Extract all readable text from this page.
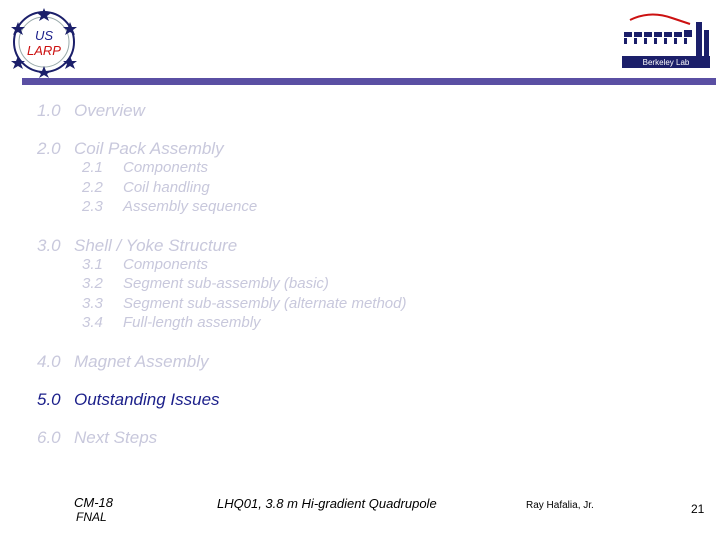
US
LARP
Berkeley Lab
1.0 Overview
2.0 Coil Pack Assembly
2.1 Components
2.2 Coil handling
2.3 Assembly sequence
3.0 Shell / Yoke Structure
3.1 Components
3.2 Segment sub-assembly (basic)
3.3 Segment sub-assembly (alternate method)
3.4 Full-length assembly
4.0 Magnet Assembly
5.0 Outstanding Issues
6.0 Next Steps
CM-18
FNAL
LHQ01, 3.8 m Hi-gradient Quadrupole	Ray Hafalia, Jr.	21
